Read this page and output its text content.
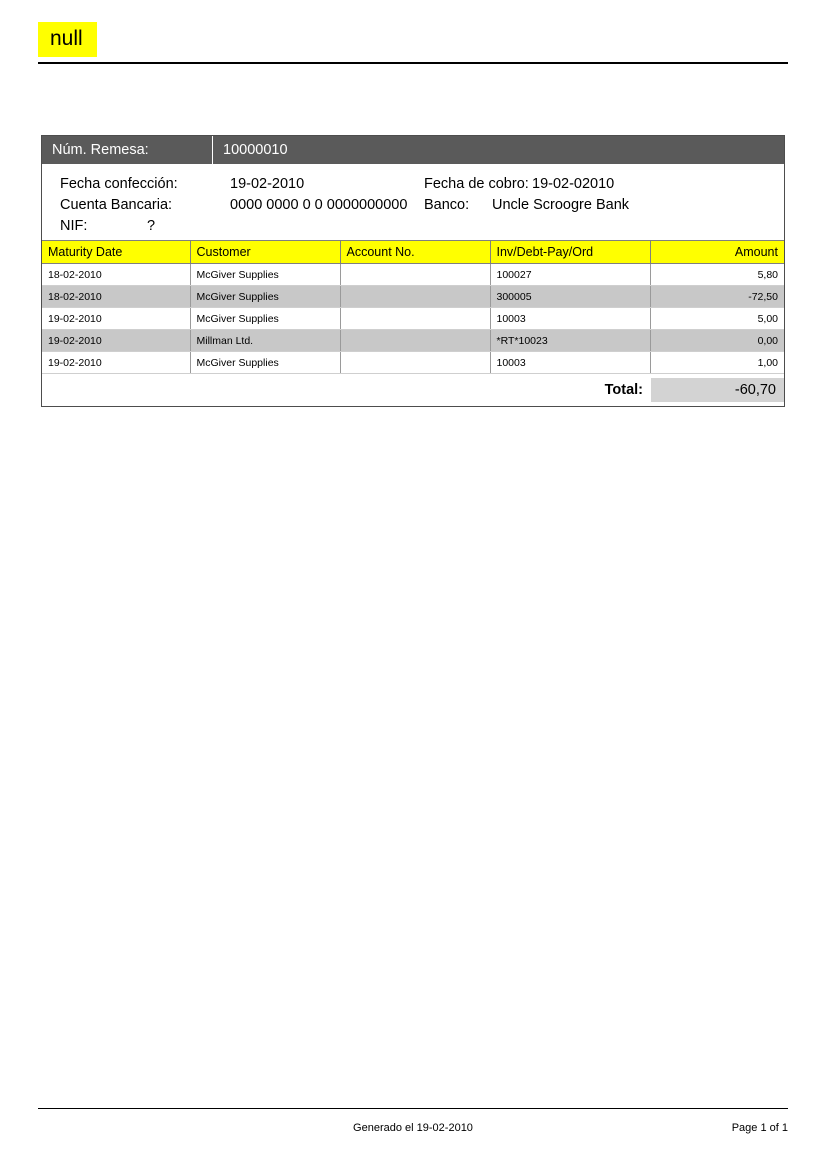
null
Núm. Remesa:	10000010
Fecha confección:	19-02-2010	Fecha de cobro: 19-02-02010
Cuenta Bancaria:	0000 0000 0 0 0000000000 Banco: Uncle Scroogre Bank
NIF:	?
Maturity Date	Customer	Account No.	Inv/Debt-Pay/Ord	Amount
18-02-2010	McGiver Supplies		100027	5,80
18-02-2010	McGiver Supplies		300005	-72,50
19-02-2010	McGiver Supplies		10003	5,00
19-02-2010	Millman Ltd.		*RT*10023	0,00
19-02-2010	McGiver Supplies		10003	1,00
Total:	-60,70
Generado el 19-02-2010	Page 1 of 1
